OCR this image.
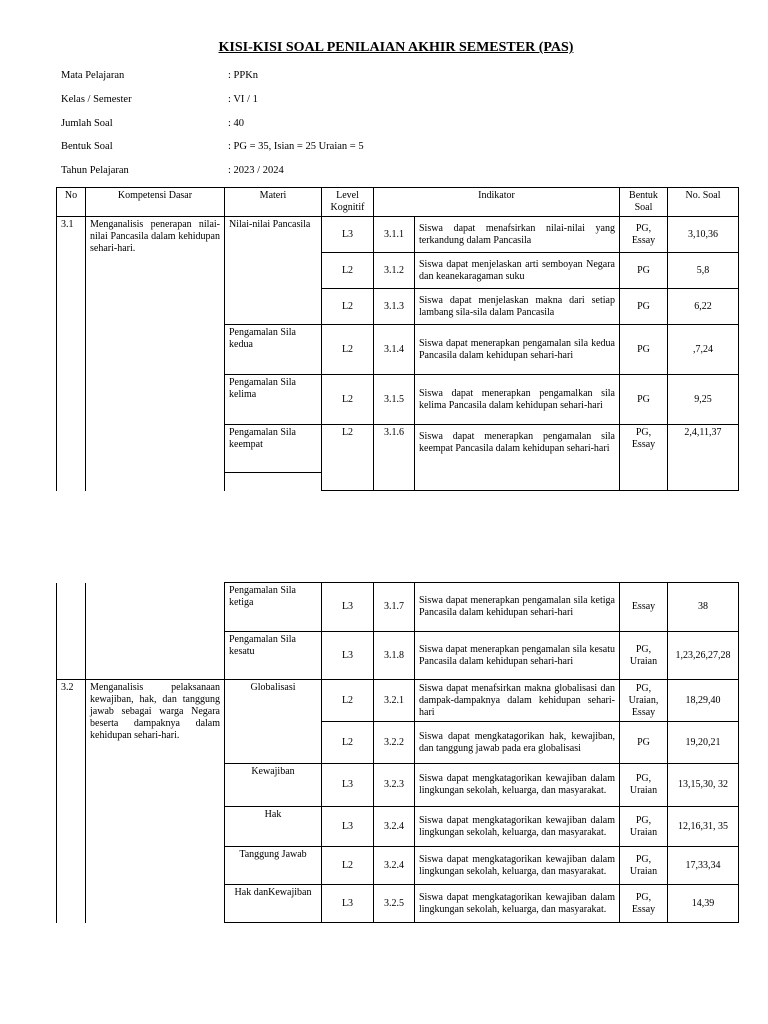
KISI-KISI SOAL PENILAIAN AKHIR SEMESTER (PAS)
Mata Pelajaran	: PPKn
Kelas / Semester	: VI / 1
Jumlah Soal	: 40
Bentuk Soal	: PG = 35, Isian = 25 Uraian = 5
Tahun Pelajaran	: 2023 / 2024
No	Kompetensi Dasar	Materi	Level Kognitif	Indikator		Bentuk Soal	No. Soal
3.1	Menganalisis penerapan nilai-nilai Pancasila dalam kehidupan sehari-hari.	Nilai-nilai Pancasila	L3	3.1.1	Siswa dapat menafsirkan nilai-nilai yang terkandung dalam Pancasila	PG, Essay	3,10,36
			L2	3.1.2	Siswa dapat menjelaskan arti semboyan Negara dan keanekaragaman suku	PG	5,8
			L2	3.1.3	Siswa dapat menjelaskan makna dari setiap lambang sila-sila dalam Pancasila	PG	6,22
		Pengamalan Sila kedua	L2	3.1.4	Siswa dapat menerapkan pengamalan sila kedua Pancasila dalam kehidupan sehari-hari	PG	,7,24
		Pengamalan Sila kelima	L2	3.1.5	Siswa dapat menerapkan pengamalkan sila kelima Pancasila dalam kehidupan sehari-hari	PG	9,25
		Pengamalan Sila keempat	L2	3.1.6	Siswa dapat menerapkan pengamalan sila keempat Pancasila dalam kehidupan sehari-hari	PG, Essay	2,4,11,37

		Pengamalan Sila ketiga	L3	3.1.7	Siswa dapat menerapkan pengamalan sila ketiga Pancasila dalam kehidupan sehari-hari	Essay	38
		Pengamalan Sila kesatu	L3	3.1.8	Siswa dapat menerapkan pengamalan sila kesatu Pancasila dalam kehidupan sehari-hari	PG, Uraian	1,23,26,27,28
3.2	Menganalisis pelaksanaan kewajiban, hak, dan tanggung jawab sebagai warga Negara beserta dampaknya dalam kehidupan sehari-hari.	Globalisasi	L2	3.2.1	Siswa dapat menafsirkan makna globalisasi dan dampak-dampaknya dalam kehidupan sehari-hari	PG, Uraian, Essay	18,29,40
			L2	3.2.2	Siswa dapat mengkatagorikan hak, kewajiban, dan tanggung jawab pada era globalisasi	PG	19,20,21
		Kewajiban	L3	3.2.3	Siswa dapat mengkatagorikan kewajiban dalam lingkungan sekolah, keluarga, dan masyarakat.	PG, Uraian	13,15,30, 32
		Hak	L3	3.2.4	Siswa dapat mengkatagorikan kewajiban dalam lingkungan sekolah, keluarga, dan masyarakat.	PG, Uraian	12,16,31, 35
		Tanggung Jawab	L2	3.2.4	Siswa dapat mengkatagorikan kewajiban dalam lingkungan sekolah, keluarga, dan masyarakat.	PG, Uraian	17,33,34
		Hak danKewajiban	L3	3.2.5	Siswa dapat mengkatagorikan kewajiban dalam lingkungan sekolah, keluarga, dan masyarakat.	PG, Essay	14,39
